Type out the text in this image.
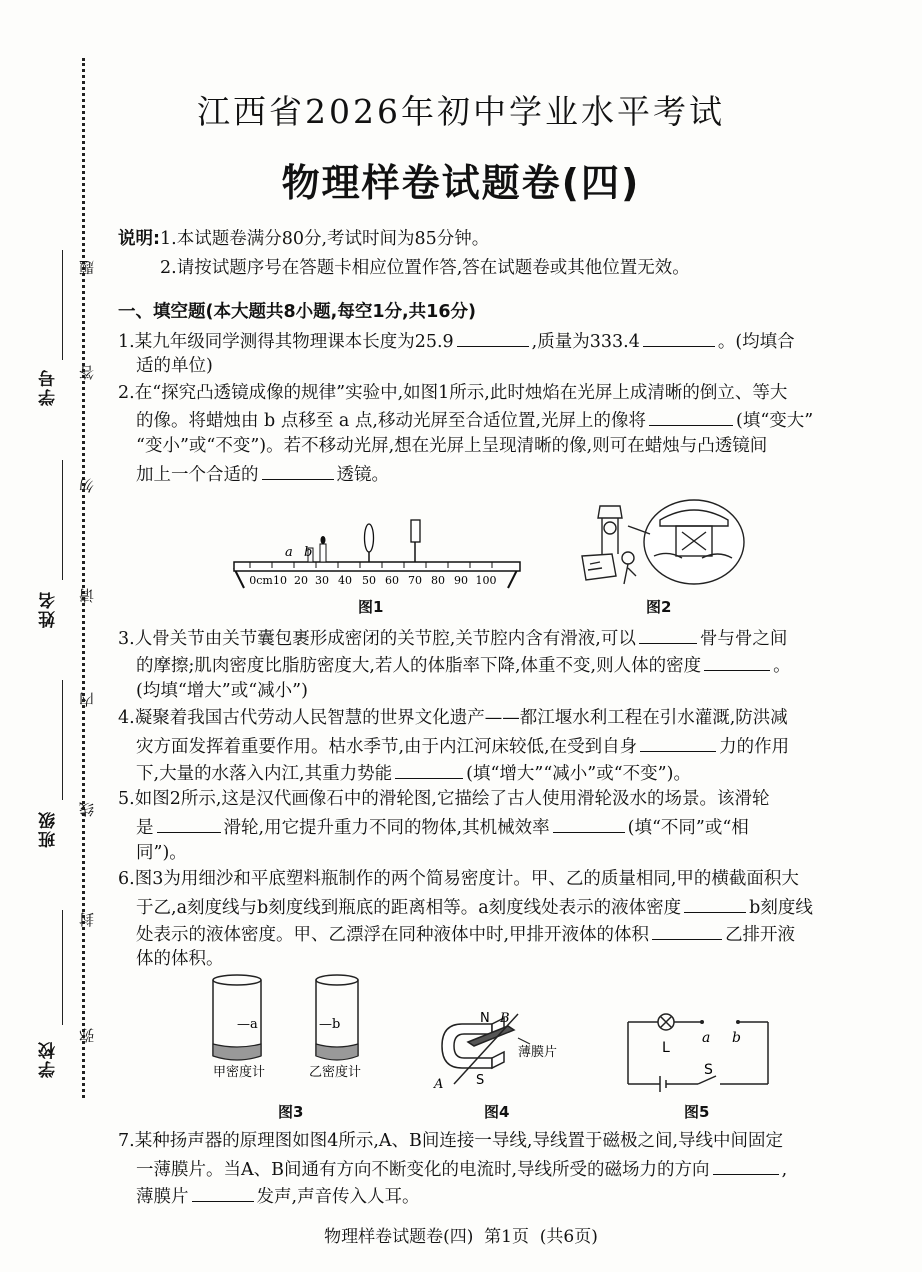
学号
姓名
班级
学校
题
答
勿
请
内
线
封
弥
江西省2026年初中学业水平考试
物理样卷试题卷(四)
说明:1.本试题卷满分80分,考试时间为85分钟。
2.请按试题序号在答题卡相应位置作答,答在试题卷或其他位置无效。
一、填空题(本大题共8小题,每空1分,共16分)
1.某九年级同学测得其物理课本长度为25.9	,质量为333.4	。(均填合
适的单位)
2.在“探究凸透镜成像的规律”实验中,如图1所示,此时烛焰在光屏上成清晰的倒立、等大
的像。将蜡烛由 b 点移至 a 点,移动光屏至合适位置,光屏上的像将	(填“变大”
“变小”或“不变”)。若不移动光屏,想在光屏上呈现清晰的像,则可在蜡烛与凸透镜间
加上一个合适的	透镜。
a b
0cm 10 20 30 40 50 60 70 80 90 100
图1	图2
3.人骨关节由关节囊包裹形成密闭的关节腔,关节腔内含有滑液,可以	骨与骨之间
的摩擦;肌肉密度比脂肪密度大,若人的体脂率下降,体重不变,则人体的密度	。
(均填“增大”或“减小”)
4.凝聚着我国古代劳动人民智慧的世界文化遗产——都江堰水利工程在引水灌溉,防洪减
灾方面发挥着重要作用。枯水季节,由于内江河床较低,在受到自身	力的作用
下,大量的水落入内江,其重力势能	(填“增大”“减小”或“不变”)。
5.如图2所示,这是汉代画像石中的滑轮图,它描绘了古人使用滑轮汲水的场景。该滑轮
是	滑轮,用它提升重力不同的物体,其机械效率	(填“不同”或“相
同”)。
6.图3为用细沙和平底塑料瓶制作的两个简易密度计。甲、乙的质量相同,甲的横截面积大
于乙,a刻度线与b刻度线到瓶底的距离相等。a刻度线处表示的液体密度	b刻度线
处表示的液体密度。甲、乙漂浮在同种液体中时,甲排开液体的体积	乙排开液
体的体积。
—a	—b
甲密度计	乙密度计
图3
N B
S
A
薄膜片
图4
L
a b
S
图5
7.某种扬声器的原理图如图4所示,A、B间连接一导线,导线置于磁极之间,导线中间固定
一薄膜片。当A、B间通有方向不断变化的电流时,导线所受的磁场力的方向	,
薄膜片	发声,声音传入人耳。
物理样卷试题卷(四)  第1页  (共6页)
